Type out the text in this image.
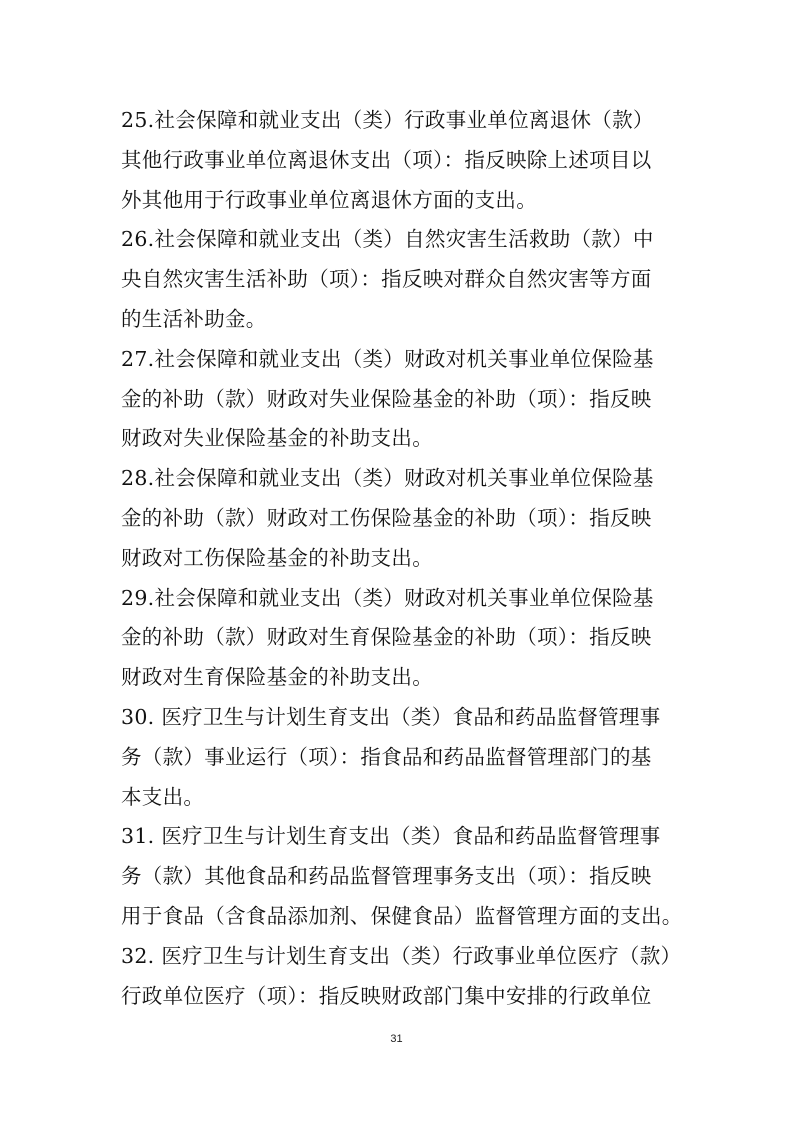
25.社会保障和就业支出（类）行政事业单位离退休（款）
其他行政事业单位离退休支出（项）：指反映除上述项目以
外其他用于行政事业单位离退休方面的支出。
26.社会保障和就业支出（类）自然灾害生活救助（款）中
央自然灾害生活补助（项）：指反映对群众自然灾害等方面
的生活补助金。
27.社会保障和就业支出（类）财政对机关事业单位保险基
金的补助（款）财政对失业保险基金的补助（项）：指反映
财政对失业保险基金的补助支出。
28.社会保障和就业支出（类）财政对机关事业单位保险基
金的补助（款）财政对工伤保险基金的补助（项）：指反映
财政对工伤保险基金的补助支出。
29.社会保障和就业支出（类）财政对机关事业单位保险基
金的补助（款）财政对生育保险基金的补助（项）：指反映
财政对生育保险基金的补助支出。
30. 医疗卫生与计划生育支出（类）食品和药品监督管理事
务（款）事业运行（项）：指食品和药品监督管理部门的基
本支出。
31. 医疗卫生与计划生育支出（类）食品和药品监督管理事
务（款）其他食品和药品监督管理事务支出（项）：指反映
用于食品（含食品添加剂、保健食品）监督管理方面的支出。
32. 医疗卫生与计划生育支出（类）行政事业单位医疗（款）
行政单位医疗（项）：指反映财政部门集中安排的行政单位
31
